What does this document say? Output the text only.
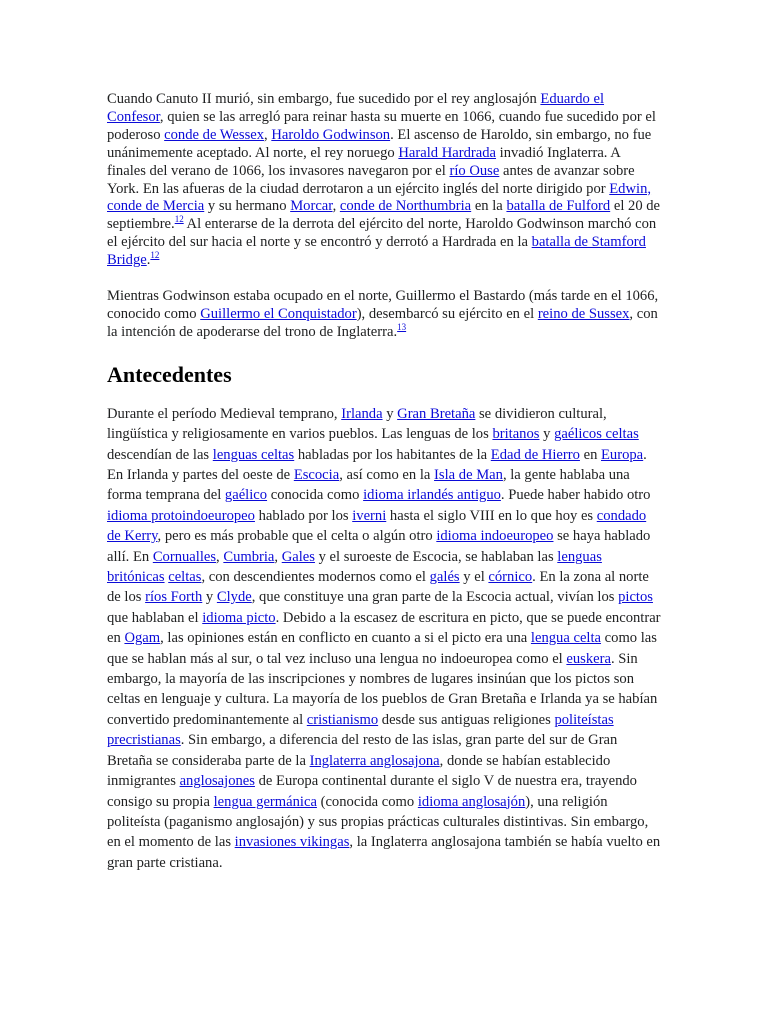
Cuando Canuto II murió, sin embargo, fue sucedido por el rey anglosajón Eduardo el Confesor, quien se las arregló para reinar hasta su muerte en 1066, cuando fue sucedido por el poderoso conde de Wessex, Haroldo Godwinson. El ascenso de Haroldo, sin embargo, no fue unánimemente aceptado. Al norte, el rey noruego Harald Hardrada invadió Inglaterra. A finales del verano de 1066, los invasores navegaron por el río Ouse antes de avanzar sobre York. En las afueras de la ciudad derrotaron a un ejército inglés del norte dirigido por Edwin, conde de Mercia y su hermano Morcar, conde de Northumbria en la batalla de Fulford el 20 de septiembre.$^{12}$ Al enterarse de la derrota del ejército del norte, Haroldo Godwinson marchó con el ejército del sur hacia el norte y se encontró y derrotó a Hardrada en la batalla de Stamford Bridge.$^{12}$

Mientras Godwinson estaba ocupado en el norte, Guillermo el Bastardo (más tarde en el 1066, conocido como Guillermo el Conquistador), desembarcó su ejército en el reino de Sussex, con la intención de apoderarse del trono de Inglaterra.$^{13}$

Antecedentes

Durante el período Medieval temprano, Irlanda y Gran Bretaña se dividieron cultural, lingüística y religiosamente en varios pueblos. Las lenguas de los britanos y gaélicos celtas descendían de las lenguas celtas habladas por los habitantes de la Edad de Hierro en Europa. En Irlanda y partes del oeste de Escocia, así como en la Isla de Man, la gente hablaba una forma temprana del gaélico conocida como idioma irlandés antiguo. Puede haber habido otro idioma protoindoeuropeo hablado por los iverni hasta el siglo VIII en lo que hoy es condado de Kerry, pero es más probable que el celta o algún otro idioma indoeuropeo se haya hablado allí. En Cornualles, Cumbria, Gales y el suroeste de Escocia, se hablaban las lenguas britónicas celtas, con descendientes modernos como el galés y el córnico. En la zona al norte de los ríos Forth y Clyde, que constituye una gran parte de la Escocia actual, vivían los pictos que hablaban el idioma picto. Debido a la escasez de escritura en picto, que se puede encontrar en Ogam, las opiniones están en conflicto en cuanto a si el picto era una lengua celta como las que se hablan más al sur, o tal vez incluso una lengua no indoeuropea como el euskera. Sin embargo, la mayoría de las inscripciones y nombres de lugares insinúan que los pictos son celtas en lenguaje y cultura. La mayoría de los pueblos de Gran Bretaña e Irlanda ya se habían convertido predominantemente al cristianismo desde sus antiguas religiones politeístas precristianas. Sin embargo, a diferencia del resto de las islas, gran parte del sur de Gran Bretaña se consideraba parte de la Inglaterra anglosajona, donde se habían establecido inmigrantes anglosajones de Europa continental durante el siglo V de nuestra era, trayendo consigo su propia lengua germánica (conocida como idioma anglosajón), una religión politeísta (paganismo anglosajón) y sus propias prácticas culturales distintivas. Sin embargo, en el momento de las invasiones vikingas, la Inglaterra anglosajona también se había vuelto en gran parte cristiana.
